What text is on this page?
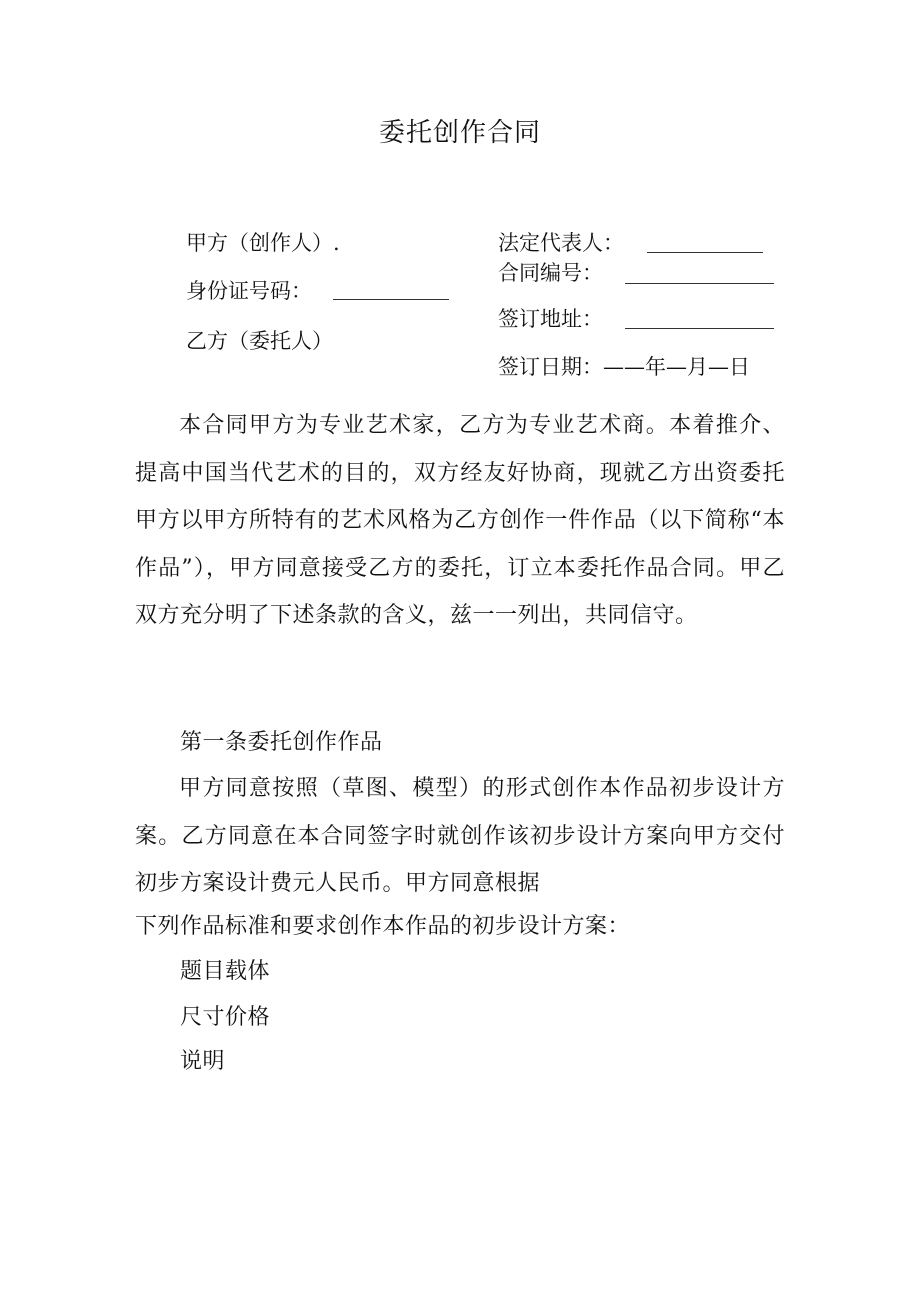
委托创作合同
甲方（创作人）.
身份证号码：
乙方（委托人）
法定代表人：
合同编号：
签订地址：
签订日期：——年—月—日
本合同甲方为专业艺术家，乙方为专业艺术商。本着推介、提高中国当代艺术的目的，双方经友好协商，现就乙方出资委托甲方以甲方所特有的艺术风格为乙方创作一件作品（以下简称“本作品”），甲方同意接受乙方的委托，订立本委托作品合同。甲乙双方充分明了下述条款的含义，兹一一列出，共同信守。
第一条委托创作作品
甲方同意按照（草图、模型）的形式创作本作品初步设计方案。乙方同意在本合同签字时就创作该初步设计方案向甲方交付初步方案设计费元人民币。甲方同意根据
下列作品标准和要求创作本作品的初步设计方案：
题目载体
尺寸价格
说明
